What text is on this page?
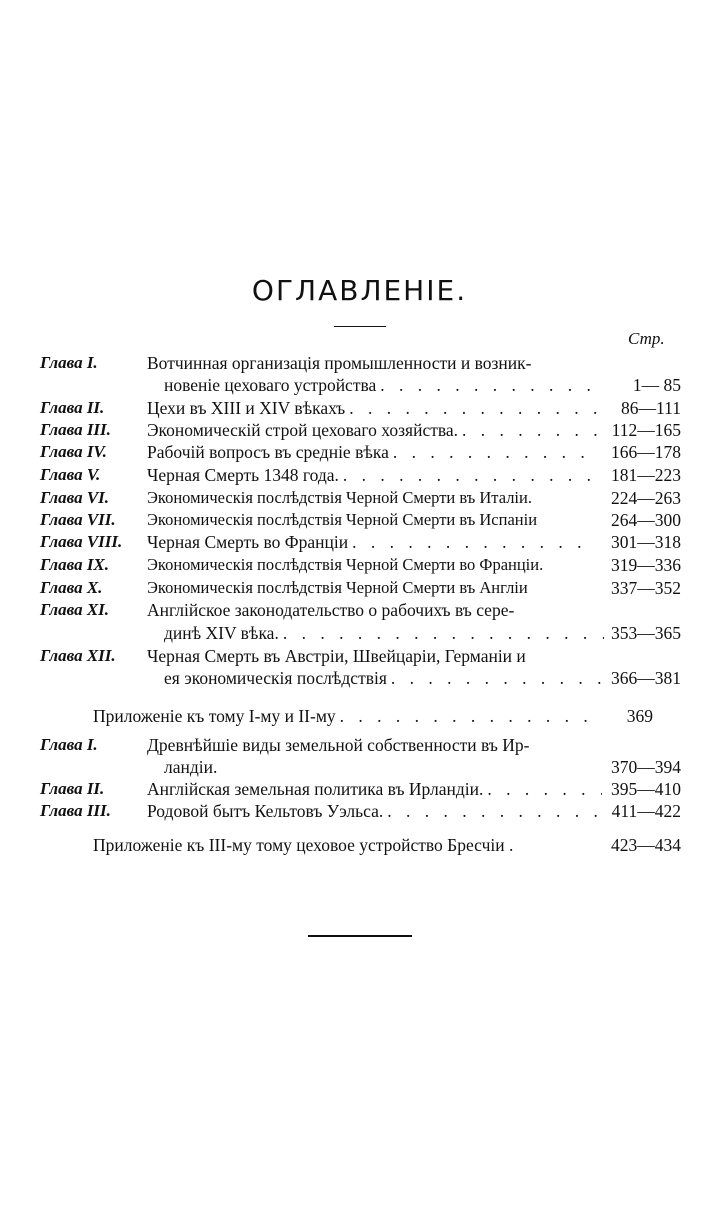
ОГЛАВЛЕНIЕ.
Стр.
Глава I.	Вотчинная организація промышленности и возник-
новеніе цеховаго устройства . . .	1— 85
Глава II. Цехи въ XIII и XIV вѣкахъ . . .	86—111
Глава III. Экономическій строй цеховаго хозяйства. . . .	112—165
Глава IV. Рабочій вопросъ въ средніе вѣка . . .	166—178
Глава V.	Черная Смерть 1348 года. . . .	181—223
Глава VI. Экономическія послѣдствія Черной Смерти въ Италіи.	224—263
Глава VII. Экономическія послѣдствія Черной Смерти въ Испаніи	264—300
Глава VIII. Черная Смерть во Франціи . . .	301—318
Глава IX. Экономическія послѣдствія Черной Смерти во Франціи.	319—336
Глава X.	Экономическія послѣдствія Черной Смерти въ Англіи	337—352
Глава XI. Англійское законодательство о рабочихъ въ сере-
динѣ XIV вѣка. . . .	353—365
Глава XII. Черная Смерть въ Австріи, Швейцаріи, Германіи и
ея экономическія послѣдствія . . .	366—381
Приложеніе къ тому I-му и II-му . . .	369
Глава I.	Древнѣйшіе виды земельной собственности въ Ир-
ландіи.	370—394
Глава II. Англійская земельная политика въ Ирландіи. . . .	395—410
Глава III. Родовой бытъ Кельтовъ Уэльса. . . .	411—422
Приложеніе къ III-му тому цеховое устройство Бресчіи .	423—434
